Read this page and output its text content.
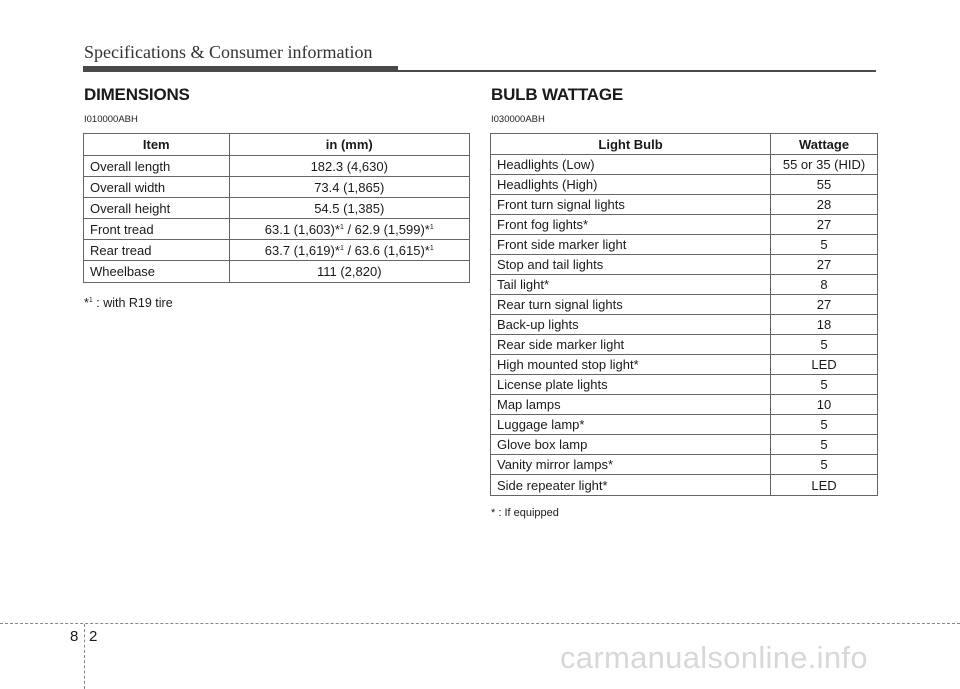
Specifications & Consumer information
DIMENSIONS
I010000ABH
Item	in (mm)
Overall length	182.3 (4,630)
Overall width	73.4 (1,865)
Overall height	54.5 (1,385)
Front tread	63.1 (1,603)*$^1$ / 62.9 (1,599)*$^1$
Rear tread	63.7 (1,619)*$^1$ / 63.6 (1,615)*$^1$
Wheelbase	111 (2,820)
*$^1$ : with R19 tire
BULB WATTAGE
I030000ABH
Light Bulb	Wattage
Headlights (Low)	55 or 35 (HID)
Headlights (High)	55
Front turn signal lights	28
Front fog lights*	27
Front side marker light	5
Stop and tail lights	27
Tail light*	8
Rear turn signal lights	27
Back-up lights	18
Rear side marker light	5
High mounted stop light*	LED
License plate lights	5
Map lamps	10
Luggage lamp*	5
Glove box lamp	5
Vanity mirror lamps*	5
Side repeater light*	LED
* : If equipped
8 2
carmanualsonline.info
